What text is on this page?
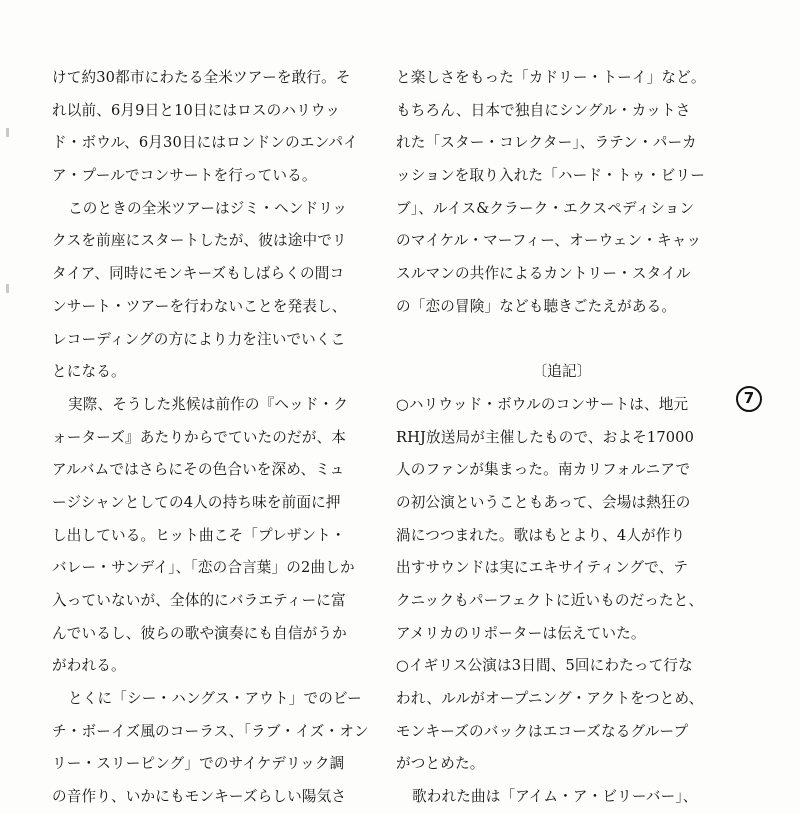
けて約30都市にわたる全米ツアーを敢行。そ
れ以前、6月9日と10日にはロスのハリウッ
ド・ボウル、6月30日にはロンドンのエンパイ
ア・プールでコンサートを行っている。
このときの全米ツアーはジミ・ヘンドリッ
クスを前座にスタートしたが、彼は途中でリ
タイア、同時にモンキーズもしばらくの間コ
ンサート・ツアーを行わないことを発表し、
レコーディングの方により力を注いでいくこ
とになる。
実際、そうした兆候は前作の『ヘッド・ク
ォーターズ』あたりからでていたのだが、本
アルバムではさらにその色合いを深め、ミュ
ージシャンとしての4人の持ち味を前面に押
し出している。ヒット曲こそ「プレザント・
バレー・サンデイ」、「恋の合言葉」の2曲しか
入っていないが、全体的にバラエティーに富
んでいるし、彼らの歌や演奏にも自信がうか
がわれる。
とくに「シー・ハングス・アウト」でのビー
チ・ボーイズ風のコーラス、「ラブ・イズ・オン
リー・スリーピング」でのサイケデリック調
の音作り、いかにもモンキーズらしい陽気さ
と楽しさをもった「カドリー・トーイ」など。
もちろん、日本で独自にシングル・カットさ
れた「スター・コレクター」、ラテン・パーカ
ッションを取り入れた「ハード・トゥ・ビリー
ブ」、ルイス&クラーク・エクスペディション
のマイケル・マーフィー、オーウェン・キャッ
スルマンの共作によるカントリー・スタイル
の「恋の冒険」なども聴きごたえがある。
〔追記〕
○ハリウッド・ボウルのコンサートは、地元
RHJ放送局が主催したもので、およそ17000
人のファンが集まった。南カリフォルニアで
の初公演ということもあって、会場は熱狂の
渦につつまれた。歌はもとより、4人が作り
出すサウンドは実にエキサイティングで、テ
クニックもパーフェクトに近いものだったと、
アメリカのリポーターは伝えていた。
○イギリス公演は3日間、5回にわたって行な
われ、ルルがオープニング・アクトをつとめ、
モンキーズのバックはエコーズなるグループ
がつとめた。
歌われた曲は「アイム・ア・ビリーバー」、
7
